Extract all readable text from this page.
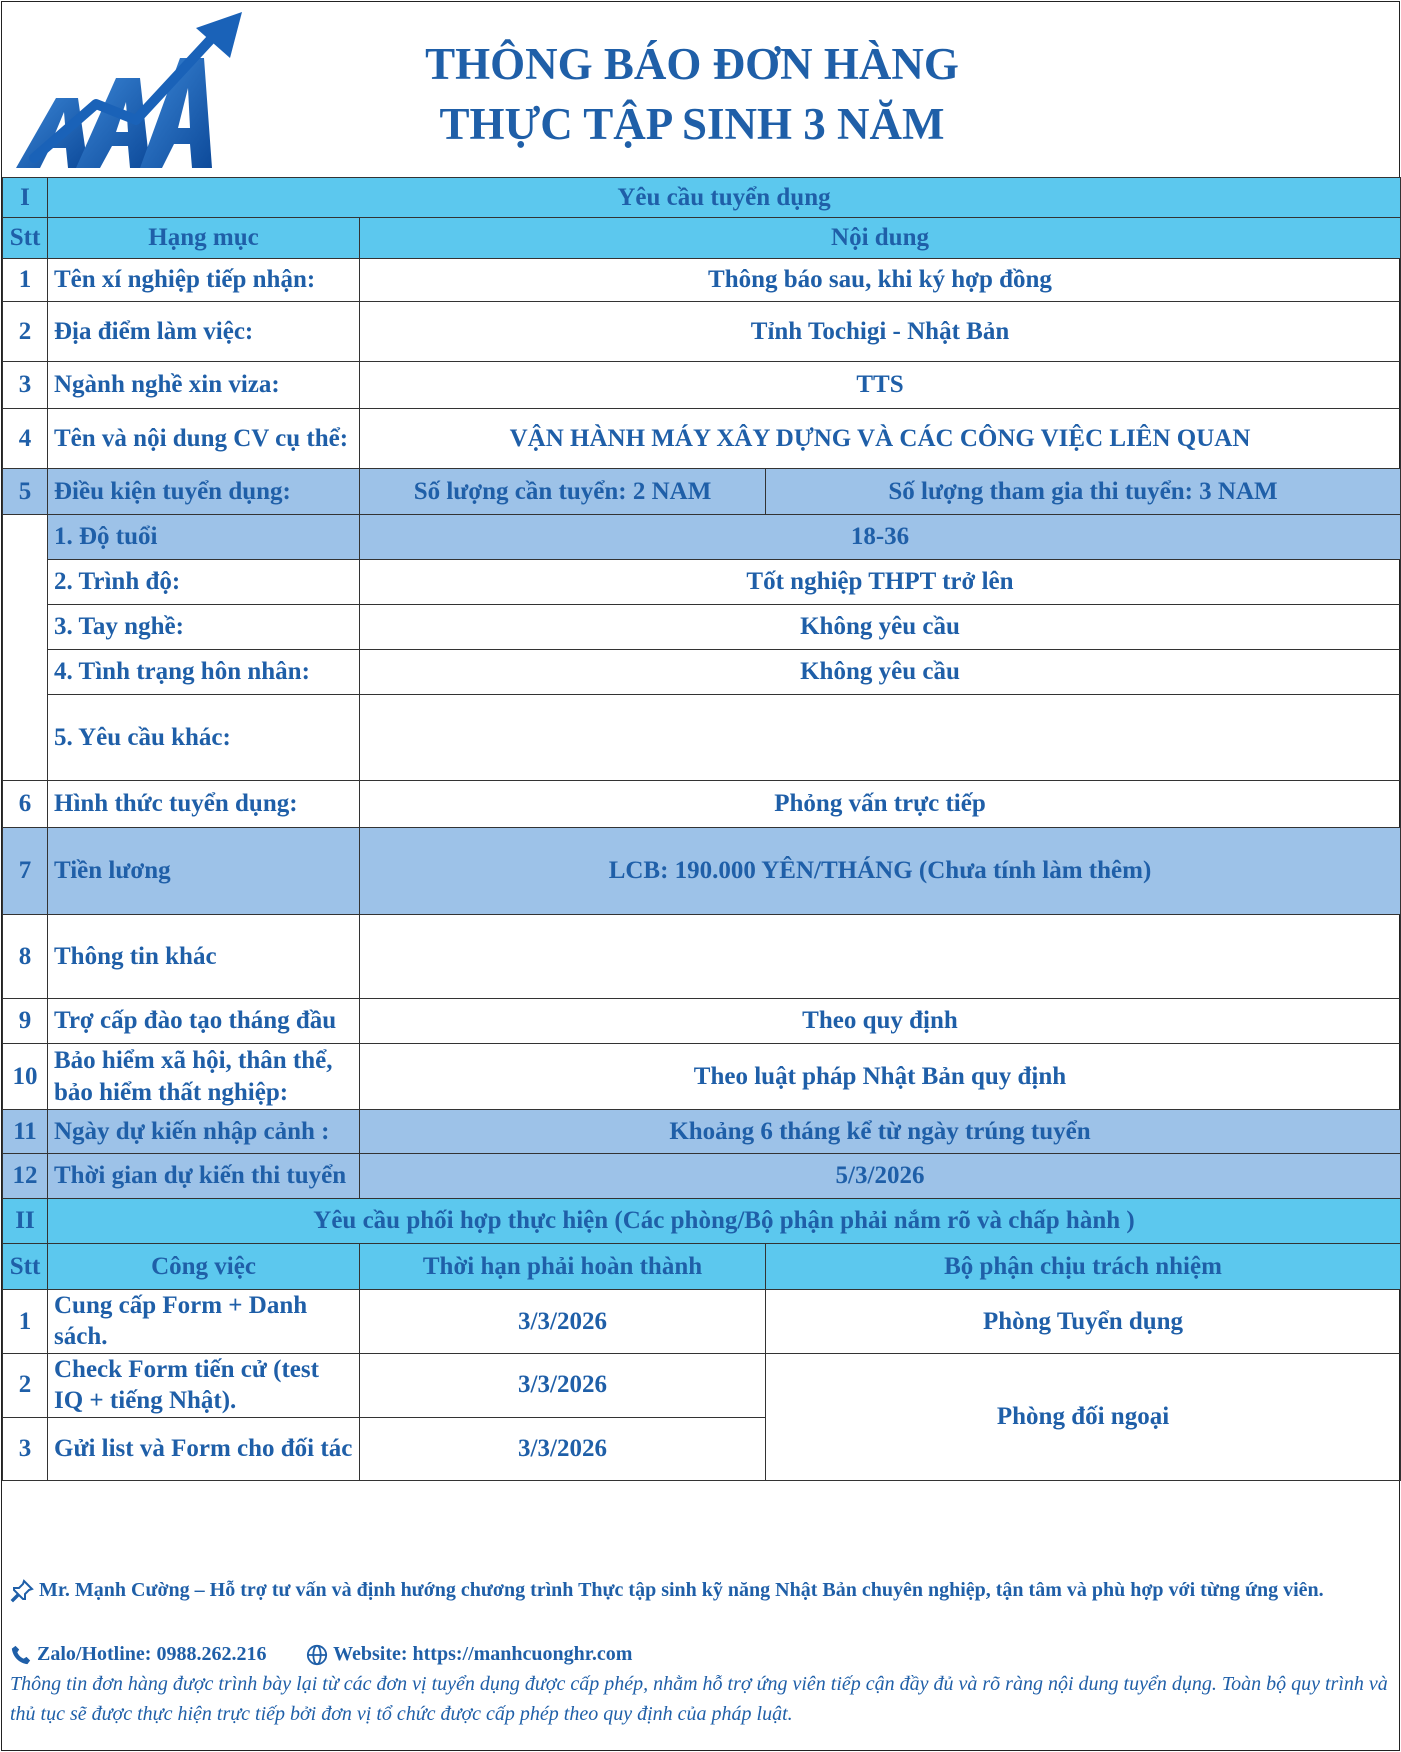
THÔNG BÁO ĐƠN HÀNG
THỰC TẬP SINH 3 NĂM
I	Yêu cầu tuyển dụng		
Stt	Hạng mục	Nội dung	
1	Tên xí nghiệp tiếp nhận:	Thông báo sau, khi ký hợp đồng	
2	Địa điểm làm việc:	Tỉnh Tochigi - Nhật Bản	
3	Ngành nghề xin viza:	TTS	
4	Tên và nội dung CV cụ thể:	VẬN HÀNH MÁY XÂY DỰNG VÀ CÁC CÔNG VIỆC LIÊN QUAN	
5	Điều kiện tuyển dụng:	Số lượng cần tuyển: 2 NAM	Số lượng tham gia thi tuyển: 3 NAM
	1. Độ tuổi	18-36	
	2. Trình độ:	Tốt nghiệp THPT trở lên	
	3. Tay nghề:	Không yêu cầu	
	4. Tình trạng hôn nhân:	Không yêu cầu	
	5. Yêu cầu khác:		
6	Hình thức tuyển dụng:	Phỏng vấn trực tiếp	
7	Tiền lương	LCB: 190.000 YÊN/THÁNG (Chưa tính làm thêm)	
8	Thông tin khác		
9	Trợ cấp đào tạo tháng đầu	Theo quy định	
10	Bảo hiểm xã hội, thân thể, bảo hiểm thất nghiệp:	Theo luật pháp Nhật Bản quy định	
11	Ngày dự kiến nhập cảnh :	Khoảng 6 tháng kể từ ngày trúng tuyển	
12	Thời gian dự kiến thi tuyển	5/3/2026	
II	Yêu cầu phối hợp thực hiện (Các phòng/Bộ phận phải nắm rõ và chấp hành )		
Stt	Công việc	Thời hạn phải hoàn thành	Bộ phận chịu trách nhiệm
1	Cung cấp Form + Danh sách.	3/3/2026	Phòng Tuyển dụng
2	Check Form tiến cử (test IQ + tiếng Nhật).	3/3/2026	Phòng đối ngoại
3	Gửi list và Form cho đối tác	3/3/2026	
Mr. Mạnh Cường – Hỗ trợ tư vấn và định hướng chương trình Thực tập sinh kỹ năng Nhật Bản chuyên nghiệp, tận tâm và phù hợp với từng ứng viên.
Zalo/Hotline: 0988.262.216	Website: https://manhcuonghr.com
Thông tin đơn hàng được trình bày lại từ các đơn vị tuyển dụng được cấp phép, nhằm hỗ trợ ứng viên tiếp cận đầy đủ và rõ ràng nội dung tuyển dụng. Toàn bộ quy trình và thủ tục sẽ được thực hiện trực tiếp bởi đơn vị tổ chức được cấp phép theo quy định của pháp luật.
